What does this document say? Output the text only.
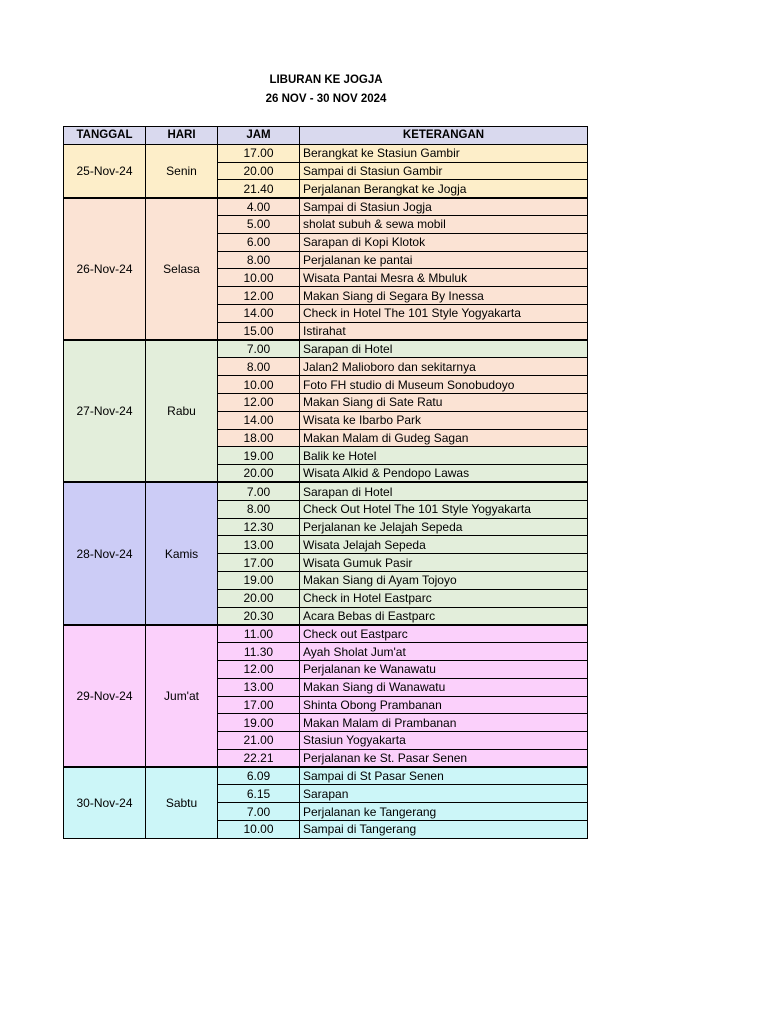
LIBURAN KE JOGJA
26 NOV - 30 NOV 2024
TANGGAL	HARI	JAM	KETERANGAN
25-Nov-24	Senin	17.00	Berangkat ke Stasiun Gambir
		20.00	Sampai di Stasiun Gambir
		21.40	Perjalanan Berangkat ke Jogja
26-Nov-24	Selasa	4.00	Sampai di Stasiun Jogja
		5.00	sholat subuh & sewa mobil
		6.00	Sarapan di Kopi Klotok
		8.00	Perjalanan ke pantai
		10.00	Wisata Pantai Mesra & Mbuluk
		12.00	Makan Siang di Segara By Inessa
		14.00	Check in Hotel The 101 Style Yogyakarta
		15.00	Istirahat
27-Nov-24	Rabu	7.00	Sarapan di Hotel
		8.00	Jalan2 Malioboro dan sekitarnya
		10.00	Foto FH studio di Museum Sonobudoyo
		12.00	Makan Siang di Sate Ratu
		14.00	Wisata ke Ibarbo Park
		18.00	Makan Malam di Gudeg Sagan
		19.00	Balik ke Hotel
		20.00	Wisata Alkid & Pendopo Lawas
28-Nov-24	Kamis	7.00	Sarapan di Hotel
		8.00	Check Out Hotel The 101 Style Yogyakarta
		12.30	Perjalanan ke Jelajah Sepeda
		13.00	Wisata Jelajah Sepeda
		17.00	Wisata Gumuk Pasir
		19.00	Makan Siang di Ayam Tojoyo
		20.00	Check in Hotel Eastparc
		20.30	Acara Bebas di Eastparc
29-Nov-24	Jum'at	11.00	Check out Eastparc
		11.30	Ayah Sholat Jum'at
		12.00	Perjalanan ke Wanawatu
		13.00	Makan Siang di Wanawatu
		17.00	Shinta Obong Prambanan
		19.00	Makan Malam di Prambanan
		21.00	Stasiun Yogyakarta
		22.21	Perjalanan ke St. Pasar Senen
30-Nov-24	Sabtu	6.09	Sampai di St Pasar Senen
		6.15	Sarapan
		7.00	Perjalanan ke Tangerang
		10.00	Sampai di Tangerang
